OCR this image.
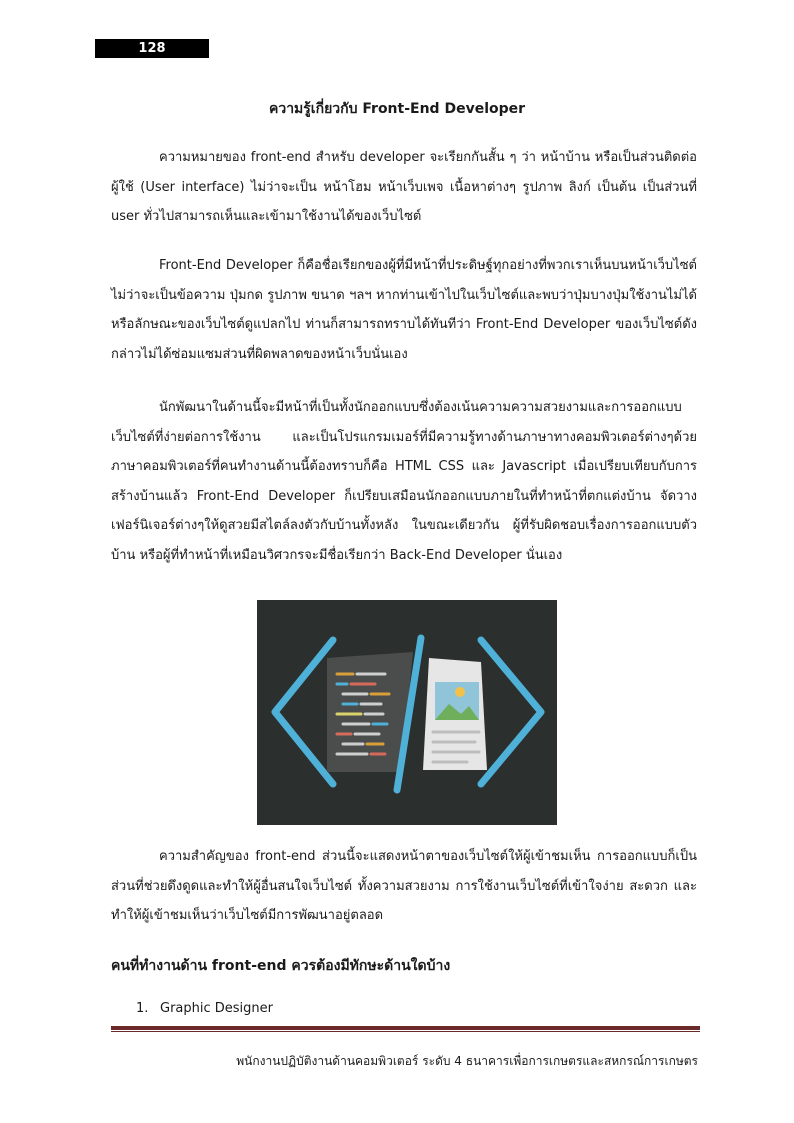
128
ความรู้เกี่ยวกับ Front-End Developer

ความหมายของ front-end สำหรับ developer จะเรียกกันสั้น ๆ ว่า หน้าบ้าน หรือเป็นส่วนติดต่อผู้ใช้ (User interface) ไม่ว่าจะเป็น หน้าโฮม หน้าเว็บเพจ เนื้อหาต่างๆ รูปภาพ ลิงก์ เป็นต้น เป็นส่วนที่ user ทั่วไปสามารถเห็นและเข้ามาใช้งานได้ของเว็บไซต์

Front-End Developer ก็คือชื่อเรียกของผู้ที่มีหน้าที่ประดิษฐ์ทุกอย่างที่พวกเราเห็นบนหน้าเว็บไซต์ ไม่ว่าจะเป็นข้อความ ปุ่มกด รูปภาพ ขนาด ฯลฯ หากท่านเข้าไปในเว็บไซต์และพบว่าปุ่มบางปุ่มใช้งานไม่ได้ หรือลักษณะของเว็บไซต์ดูแปลกไป ท่านก็สามารถทราบได้ทันทีว่า Front-End Developer ของเว็บไซต์ดังกล่าวไม่ได้ซ่อมแซมส่วนที่ผิดพลาดของหน้าเว็บนั่นเอง

นักพัฒนาในด้านนี้จะมีหน้าที่เป็นทั้งนักออกแบบซึ่งต้องเน้นความความสวยงามและการออกแบบเว็บไซต์ที่ง่ายต่อการใช้งาน และเป็นโปรแกรมเมอร์ที่มีความรู้ทางด้านภาษาทางคอมพิวเตอร์ต่างๆด้วย ภาษาคอมพิวเตอร์ที่คนทำงานด้านนี้ต้องทราบก็คือ HTML CSS และ Javascript เมื่อเปรียบเทียบกับการสร้างบ้านแล้ว Front-End Developer ก็เปรียบเสมือนนักออกแบบภายในที่ทำหน้าที่ตกแต่งบ้าน จัดวางเฟอร์นิเจอร์ต่างๆให้ดูสวยมีสไตล์ลงตัวกับบ้านทั้งหลัง ในขณะเดียวกัน ผู้ที่รับผิดชอบเรื่องการออกแบบตัวบ้าน หรือผู้ที่ทำหน้าที่เหมือนวิศวกรจะมีชื่อเรียกว่า Back-End Developer นั่นเอง

ความสำคัญของ front-end ส่วนนี้จะแสดงหน้าตาของเว็บไซต์ให้ผู้เข้าชมเห็น การออกแบบก็เป็นส่วนที่ช่วยดึงดูดและทำให้ผู้อื่นสนใจเว็บไซต์ ทั้งความสวยงาม การใช้งานเว็บไซต์ที่เข้าใจง่าย สะดวก และทำให้ผู้เข้าชมเห็นว่าเว็บไซต์มีการพัฒนาอยู่ตลอด

คนที่ทำงานด้าน front-end ควรต้องมีทักษะด้านใดบ้าง
1. Graphic Designer
พนักงานปฏิบัติงานด้านคอมพิวเตอร์ ระดับ 4 ธนาคารเพื่อการเกษตรและสหกรณ์การเกษตร
